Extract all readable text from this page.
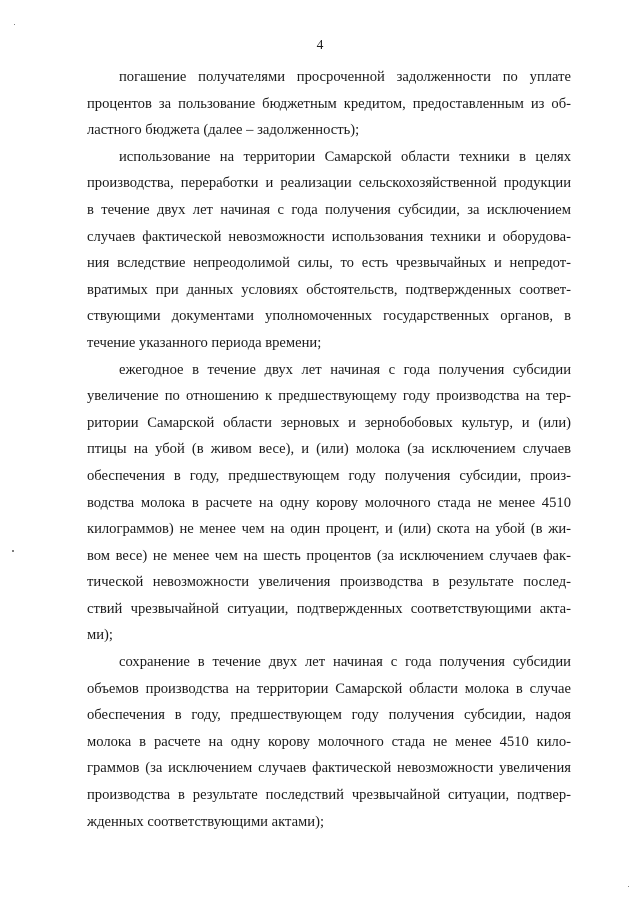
4
погашение получателями просроченной задолженности по уплате
процентов за пользование бюджетным кредитом, предоставленным из об-
ластного бюджета (далее – задолженность);
использование на территории Самарской области техники в целях
производства, переработки и реализации сельскохозяйственной продукции
в течение двух лет начиная с года получения субсидии, за исключением
случаев фактической невозможности использования техники и оборудова-
ния вследствие непреодолимой силы, то есть чрезвычайных и непредот-
вратимых при данных условиях обстоятельств, подтвержденных соответ-
ствующими документами уполномоченных государственных органов, в
течение указанного периода времени;
ежегодное в течение двух лет начиная с года получения субсидии
увеличение по отношению к предшествующему году производства на тер-
ритории Самарской области зерновых и зернобобовых культур, и (или)
птицы на убой (в живом весе), и (или) молока (за исключением случаев
обеспечения в году, предшествующем году получения субсидии, произ-
водства молока в расчете на одну корову молочного стада не менее 4510
килограммов) не менее чем на один процент, и (или) скота на убой (в жи-
вом весе) не менее чем на шесть процентов (за исключением случаев фак-
тической невозможности увеличения производства в результате послед-
ствий чрезвычайной ситуации, подтвержденных соответствующими акта-
ми);
сохранение в течение двух лет начиная с года получения субсидии
объемов производства на территории Самарской области молока в случае
обеспечения в году, предшествующем году получения субсидии, надоя
молока в расчете на одну корову молочного стада не менее 4510 кило-
граммов (за исключением случаев фактической невозможности увеличения
производства в результате последствий чрезвычайной ситуации, подтвер-
жденных соответствующими актами);
